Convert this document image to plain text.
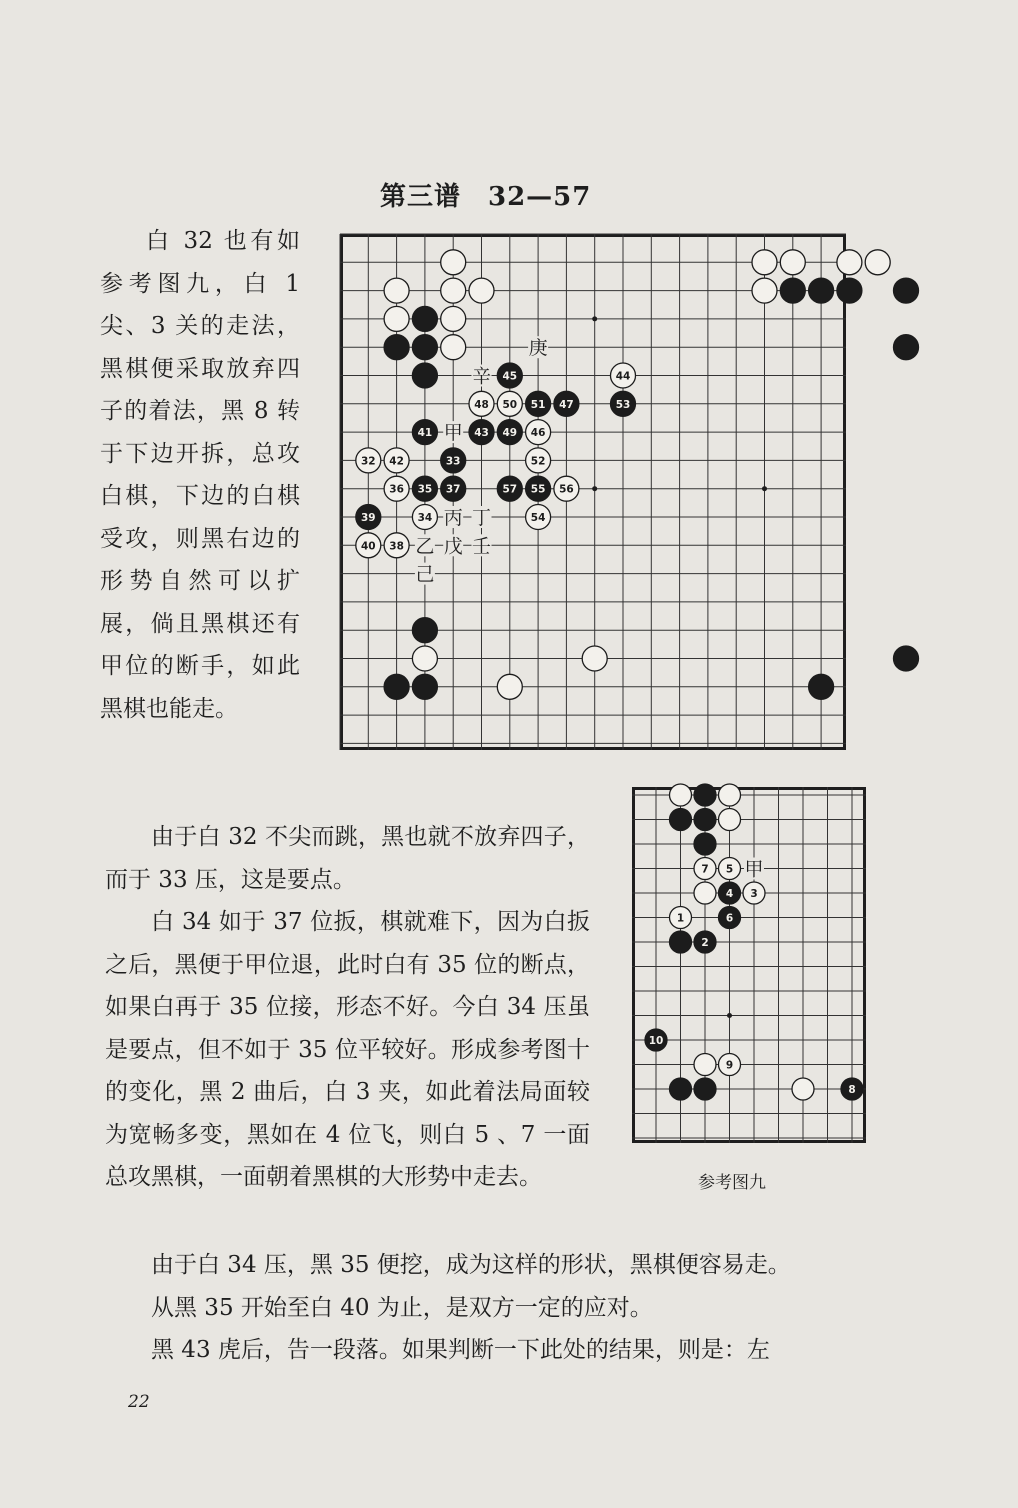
第三谱　32—57

白 32 也有如参考图九，白 1 尖、3 关的走法，黑棋便采取放弃四子的着法，黑 8 转于下边开拆，总攻白棋，下边的白棋受攻，则黑右边的形势自然可以扩展，倘且黑棋还有甲位的断手，如此黑棋也能走。

32	33
34
35
36	37
38
39
40
41
42
43
44
45
46
47
48
49
50 51
52
53
54
55 56
57
庚
辛
甲
丙 丁
乙 戊 壬
己
1
2
3
4
5
6
7
8
9
10
甲
参考图九

由于白 32 不尖而跳，黑也就不放弃四子，而于 33 压，这是要点。

白 34 如于 37 位扳，棋就难下，因为白扳之后，黑便于甲位退，此时白有 35 位的断点，如果白再于 35 位接，形态不好。今白 34 压虽是要点，但不如于 35 位平较好。形成参考图十的变化，黑 2 曲后，白 3 夹，如此着法局面较为宽畅多变，黑如在 4 位飞，则白 5 、7 一面总攻黑棋，一面朝着黑棋的大形势中走去。

由于白 34 压，黑 35 便挖，成为这样的形状，黑棋便容易走。

从黑 35 开始至白 40 为止，是双方一定的应对。

黑 43 虎后，告一段落。如果判断一下此处的结果，则是：左

22
